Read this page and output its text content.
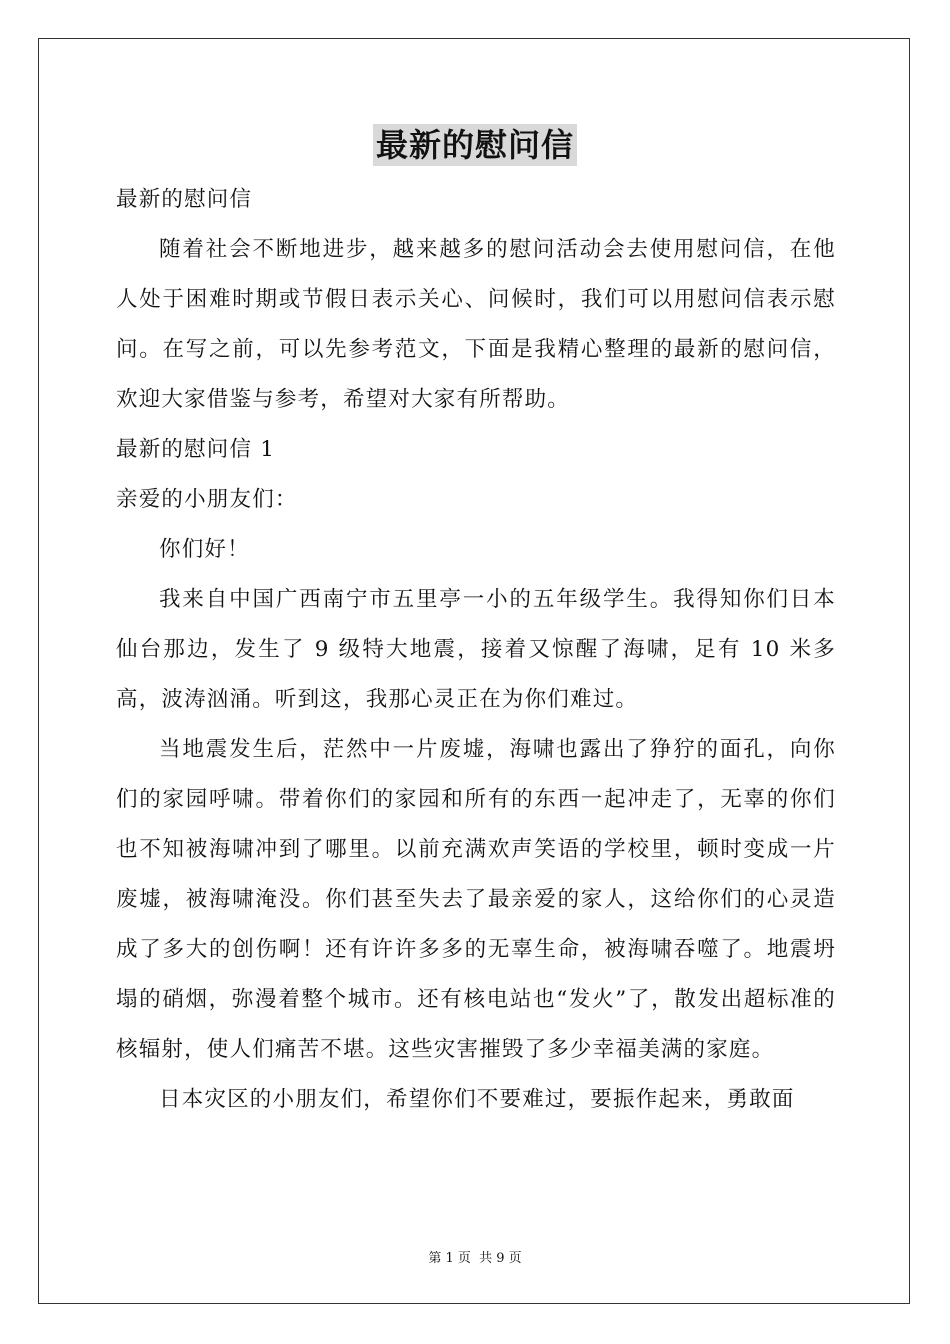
最新的慰问信

最新的慰问信

随着社会不断地进步，越来越多的慰问活动会去使用慰问信，在他人处于困难时期或节假日表示关心、问候时，我们可以用慰问信表示慰问。在写之前，可以先参考范文，下面是我精心整理的最新的慰问信，欢迎大家借鉴与参考，希望对大家有所帮助。

最新的慰问信 1

亲爱的小朋友们：

你们好！

我来自中国广西南宁市五里亭一小的五年级学生。我得知你们日本仙台那边，发生了 9 级特大地震，接着又惊醒了海啸，足有 10 米多高，波涛汹涌。听到这，我那心灵正在为你们难过。

当地震发生后，茫然中一片废墟，海啸也露出了狰狞的面孔，向你们的家园呼啸。带着你们的家园和所有的东西一起冲走了，无辜的你们也不知被海啸冲到了哪里。以前充满欢声笑语的学校里，顿时变成一片废墟，被海啸淹没。你们甚至失去了最亲爱的家人，这给你们的心灵造成了多大的创伤啊！还有许许多多的无辜生命，被海啸吞噬了。地震坍塌的硝烟，弥漫着整个城市。还有核电站也“发火”了，散发出超标准的核辐射，使人们痛苦不堪。这些灾害摧毁了多少幸福美满的家庭。

日本灾区的小朋友们，希望你们不要难过，要振作起来，勇敢面

第 1 页 共 9 页
